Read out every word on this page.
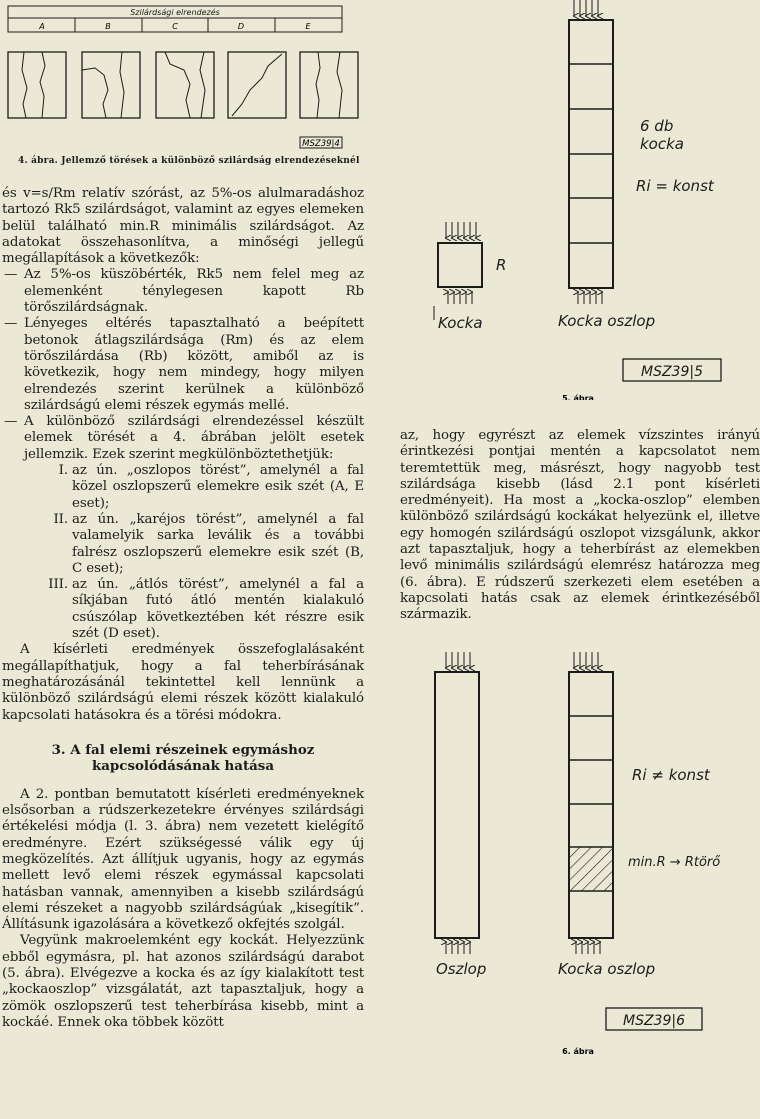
Szilárdsági elrendezés
A	B	C	D	E
MSZ39|4
4. ábra. Jellemző törések a különböző szilárdság elrendezéseknél

és v=s/Rm relatív szórást, az 5%-os alulmaradáshoz tartozó Rk5 szilárdságot, valamint az egyes elemeken belül található min.R minimális szilárdságot. Az adatokat összehasonlítva, a minőségi jellegű megállapítások a következők:

— Az 5%-os küszöbérték, Rk5 nem felel meg az elemenként ténylegesen kapott Rb törőszilárdságnak.

— Lényeges eltérés tapasztalható a beépített betonok átlagszilárdsága (Rm) és az elem törőszilárdása (Rb) között, amiből az is következik, hogy nem mindegy, hogy milyen elrendezés szerint kerülnek a különböző szilárdságú elemi részek egymás mellé.

— A különböző szilárdsági elrendezéssel készült elemek törését a 4. ábrában jelölt esetek jellemzik. Ezek szerint megkülönböztethetjük:

I. az ún. „oszlopos törést”, amelynél a fal közel oszlopszerű elemekre esik szét (A, E eset);

II. az ún. „karéjos törést”, amelynél a fal valamelyik sarka leválik és a további falrész oszlopszerű elemekre esik szét (B, C eset);

III. az ún. „átlós törést”, amelynél a fal a síkjában futó átló mentén kialakuló csúszólap következtében két részre esik szét (D eset).

A kísérleti eredmények összefoglalásaként megállapíthatjuk, hogy a fal teherbírásának meghatározásánál tekintettel kell lennünk a különböző szilárdságú elemi részek között kialakuló kapcsolati hatásokra és a törési módokra.

3. A fal elemi részeinek egymáshoz

kapcsolódásának hatása

A 2. pontban bemutatott kísérleti eredményeknek elsősorban a rúdszerkezetekre érvényes szilárdsági értékelési módja (l. 3. ábra) nem vezetett kielégítő eredményre. Ezért szükségessé válik egy új megközelítés. Azt állítjuk ugyanis, hogy az egymás mellett levő elemi részek egymással kapcsolati hatásban vannak, amennyiben a kisebb szilárdságú elemi részeket a nagyobb szilárdságúak „kisegítik”. Állításunk igazolására a következő okfejtés szolgál.

Vegyünk makroelemként egy kockát. Helyezzünk ebből egymásra, pl. hat azonos szilárdságú darabot (5. ábra). Elvégezve a kocka és az így kialakított test „kockaoszlop” vizsgálatát, azt tapasztaljuk, hogy a zömök oszlopszerű test teherbírása kisebb, mint a kockáé. Ennek oka többek között

6 db
kocka
Ri = konst
R
Kocka	Kocka oszlop
MSZ39|5
5. ábra

az, hogy egyrészt az elemek vízszintes irányú érintkezési pontjai mentén a kapcsolatot nem teremtettük meg, másrészt, hogy nagyobb test szilárdsága kisebb (lásd 2.1 pont kísérleti eredményeit). Ha most a „kocka-oszlop” elemben különböző szilárdságú kockákat helyezünk el, illetve egy homogén szilárdságú oszlopot vizsgálunk, akkor azt tapasztaljuk, hogy a teherbírást az elemekben levő minimális szilárdságú elemrész határozza meg (6. ábra). E rúdszerű szerkezeti elem esetében a kapcsolati hatás csak az elemek érintkezéséből származik.

Ri ≠ konst
min.R → Rtörő
Oszlop	Kocka oszlop
MSZ39|6
6. ábra
